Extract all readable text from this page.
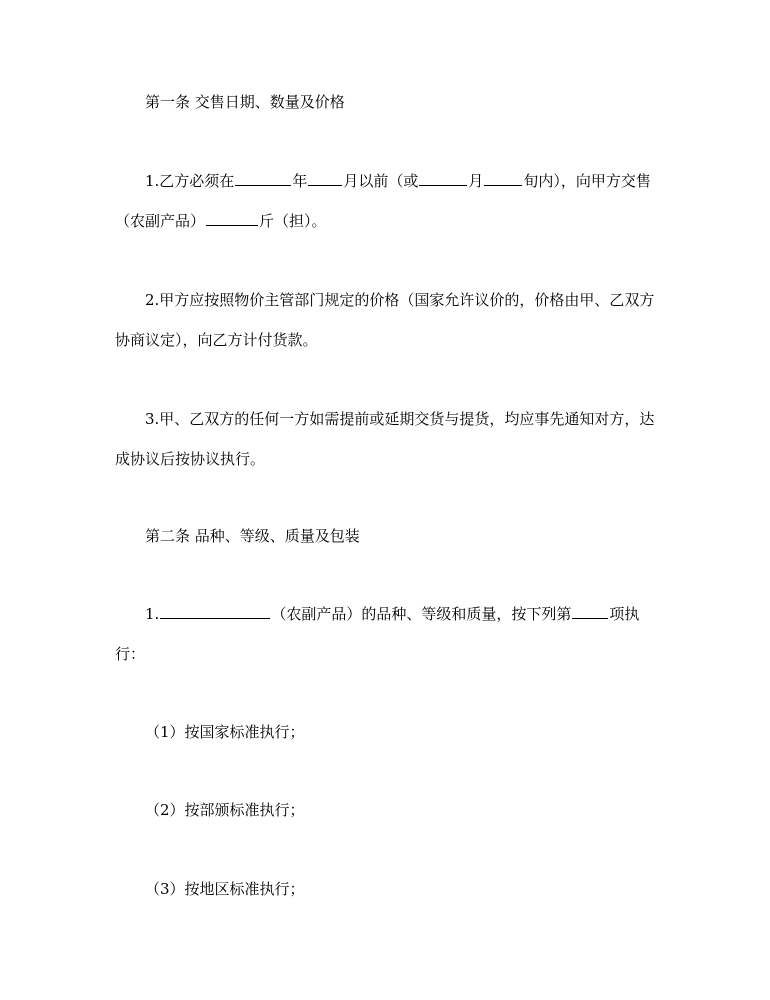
第一条 交售日期、数量及价格
1.乙方必须在	年 月以前（或	月	旬内），向甲方交售
（农副产品）	斤（担）。
2.甲方应按照物价主管部门规定的价格（国家允许议价的，价格由甲、乙双方
协商议定），向乙方计付货款。
3.甲、乙双方的任何一方如需提前或延期交货与提货，均应事先通知对方，达
成协议后按协议执行。
第二条 品种、等级、质量及包装
1.	（农副产品）的品种、等级和质量，按下列第	项执
行：
（1）按国家标准执行；
（2）按部颁标准执行；
（3）按地区标准执行；
